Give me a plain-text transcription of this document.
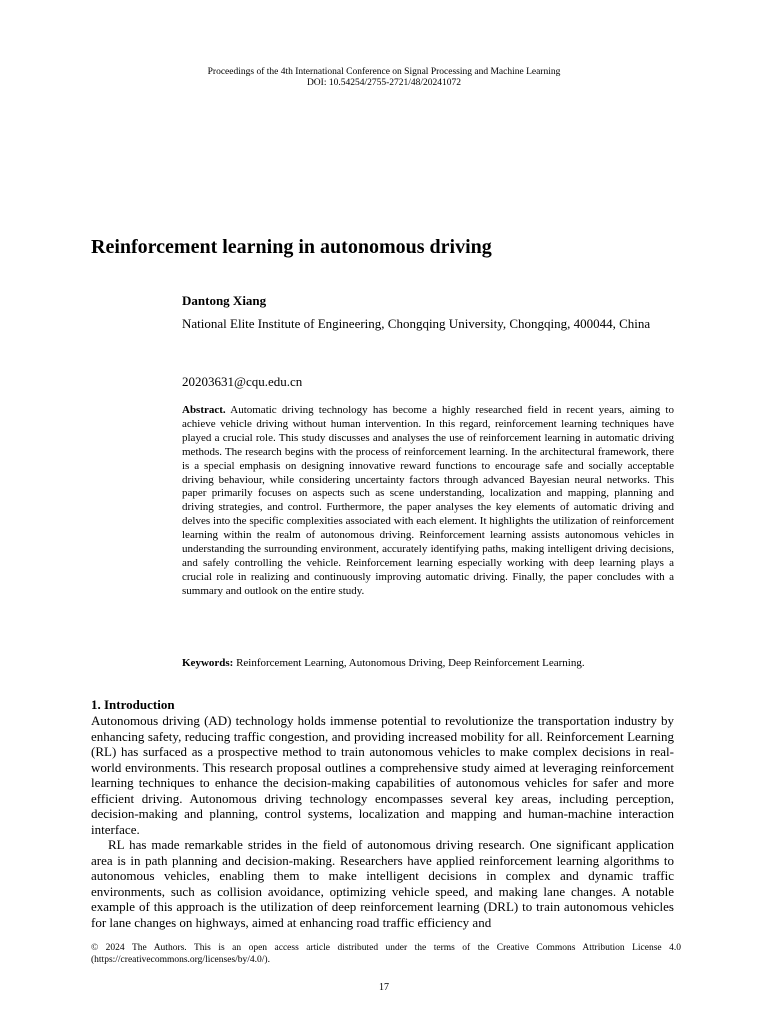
Proceedings of the 4th International Conference on Signal Processing and Machine Learning
DOI: 10.54254/2755-2721/48/20241072
Reinforcement learning in autonomous driving
Dantong Xiang
National Elite Institute of Engineering, Chongqing University, Chongqing, 400044, China
20203631@cqu.edu.cn

Abstract. Automatic driving technology has become a highly researched field in recent years, aiming to achieve vehicle driving without human intervention. In this regard, reinforcement learning techniques have played a crucial role. This study discusses and analyses the use of reinforcement learning in automatic driving methods. The research begins with the process of reinforcement learning. In the architectural framework, there is a special emphasis on designing innovative reward functions to encourage safe and socially acceptable driving behaviour, while considering uncertainty factors through advanced Bayesian neural networks. This paper primarily focuses on aspects such as scene understanding, localization and mapping, planning and driving strategies, and control. Furthermore, the paper analyses the key elements of automatic driving and delves into the specific complexities associated with each element. It highlights the utilization of reinforcement learning within the realm of autonomous driving. Reinforcement learning assists autonomous vehicles in understanding the surrounding environment, accurately identifying paths, making intelligent driving decisions, and safely controlling the vehicle. Reinforcement learning especially working with deep learning plays a crucial role in realizing and continuously improving automatic driving. Finally, the paper concludes with a summary and outlook on the entire study.

Keywords: Reinforcement Learning, Autonomous Driving, Deep Reinforcement Learning.

1. Introduction

Autonomous driving (AD) technology holds immense potential to revolutionize the transportation industry by enhancing safety, reducing traffic congestion, and providing increased mobility for all. Reinforcement Learning (RL) has surfaced as a prospective method to train autonomous vehicles to make complex decisions in real-world environments. This research proposal outlines a comprehensive study aimed at leveraging reinforcement learning techniques to enhance the decision-making capabilities of autonomous vehicles for safer and more efficient driving. Autonomous driving technology encompasses several key areas, including perception, decision-making and planning, control systems, localization and mapping and human-machine interaction interface.

RL has made remarkable strides in the field of autonomous driving research. One significant application area is in path planning and decision-making. Researchers have applied reinforcement learning algorithms to autonomous vehicles, enabling them to make intelligent decisions in complex and dynamic traffic environments, such as collision avoidance, optimizing vehicle speed, and making lane changes. A notable example of this approach is the utilization of deep reinforcement learning (DRL) to train autonomous vehicles for lane changes on highways, aimed at enhancing road traffic efficiency and

© 2024 The Authors. This is an open access article distributed under the terms of the Creative Commons Attribution License 4.0 (https://creativecommons.org/licenses/by/4.0/).

17
